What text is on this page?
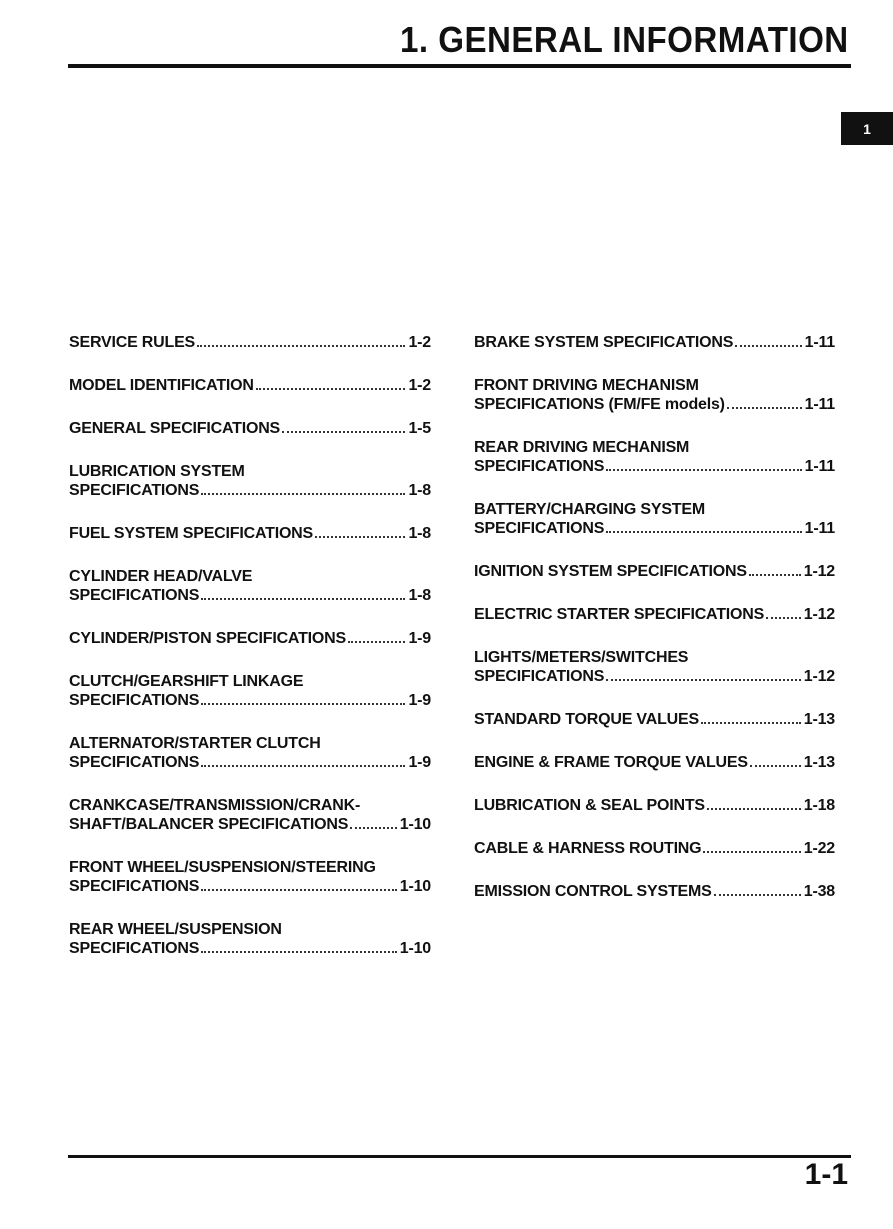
1. GENERAL INFORMATION
1
SERVICE RULES	1-2
MODEL IDENTIFICATION	1-2
GENERAL SPECIFICATIONS	1-5
LUBRICATION SYSTEM
SPECIFICATIONS	1-8
FUEL SYSTEM SPECIFICATIONS	1-8
CYLINDER HEAD/VALVE
SPECIFICATIONS	1-8
CYLINDER/PISTON SPECIFICATIONS	1-9
CLUTCH/GEARSHIFT LINKAGE
SPECIFICATIONS	1-9
ALTERNATOR/STARTER CLUTCH
SPECIFICATIONS	1-9
CRANKCASE/TRANSMISSION/CRANK-
SHAFT/BALANCER SPECIFICATIONS	1-10
FRONT WHEEL/SUSPENSION/STEERING
SPECIFICATIONS	1-10
REAR WHEEL/SUSPENSION
SPECIFICATIONS	1-10
BRAKE SYSTEM SPECIFICATIONS	1-11
FRONT DRIVING MECHANISM
SPECIFICATIONS (FM/FE models)	1-11
REAR DRIVING MECHANISM
SPECIFICATIONS	1-11
BATTERY/CHARGING SYSTEM
SPECIFICATIONS	1-11
IGNITION SYSTEM SPECIFICATIONS	1-12
ELECTRIC STARTER SPECIFICATIONS 1-12
LIGHTS/METERS/SWITCHES
SPECIFICATIONS	1-12
STANDARD TORQUE VALUES	1-13
ENGINE & FRAME TORQUE VALUES	1-13
LUBRICATION & SEAL POINTS	1-18
CABLE & HARNESS ROUTING	1-22
EMISSION CONTROL SYSTEMS	1-38

1-1
